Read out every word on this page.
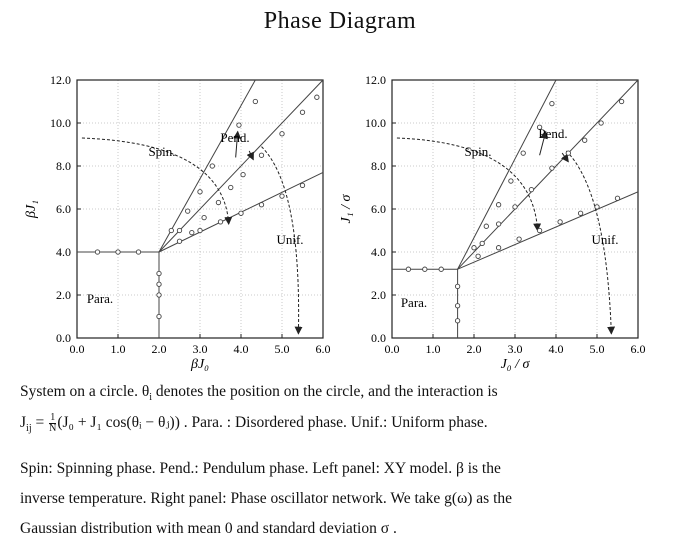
Phase Diagram
0.0 1.0 2.0 3.0 4.0 5.0 6.0
0.0
2.0
4.0
6.0
8.0
10.0
12.0
βJ₀
βJ₁
Spin.
Pend.
Unif.
Para.
0.0 1.0 2.0 3.0 4.0 5.0 6.0
0.0
2.0
4.0
6.0
8.0
10.0
12.0
J₀ / σ
J₁ / σ
Spin.
Pend.
Unif.
Para.
System on a circle. $\theta_i$ denotes the position on the circle, and the interaction is
$J_{ij} = \frac{1}{N} (J_0 + J_1$ cos(θᵢ − θⱼ)) . Para. : Disordered phase. Unif.: Uniform phase.
Spin: Spinning phase. Pend.: Pendulum phase. Left panel: XY model. β is the
inverse temperature. Right panel: Phase oscillator network. We take g(ω) as the
Gaussian distribution with mean 0 and standard deviation σ .
